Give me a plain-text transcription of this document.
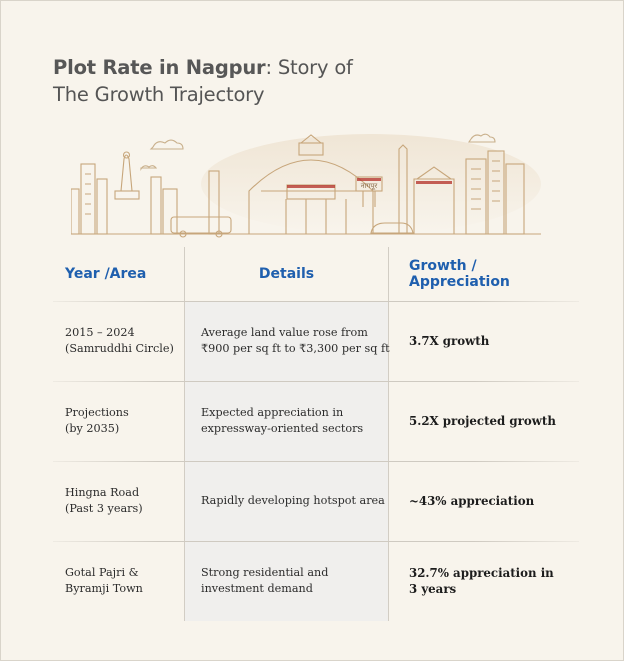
Plot Rate in Nagpur: Story of
The Growth Trajectory
नागपूर
Year /Area	Details	Growth / Appreciation
2015 – 2024
(Samruddhi Circle)
Average land value rose from
₹900 per sq ft to ₹3,300 per sq ft
3.7X growth
Projections
(by 2035)
Expected appreciation in
expressway-oriented sectors
5.2X projected growth
Hingna Road
(Past 3 years)
Rapidly developing hotspot area ~43% appreciation
Gotal Pajri &
Byramji Town
Strong residential and
investment demand
32.7% appreciation in
3 years
